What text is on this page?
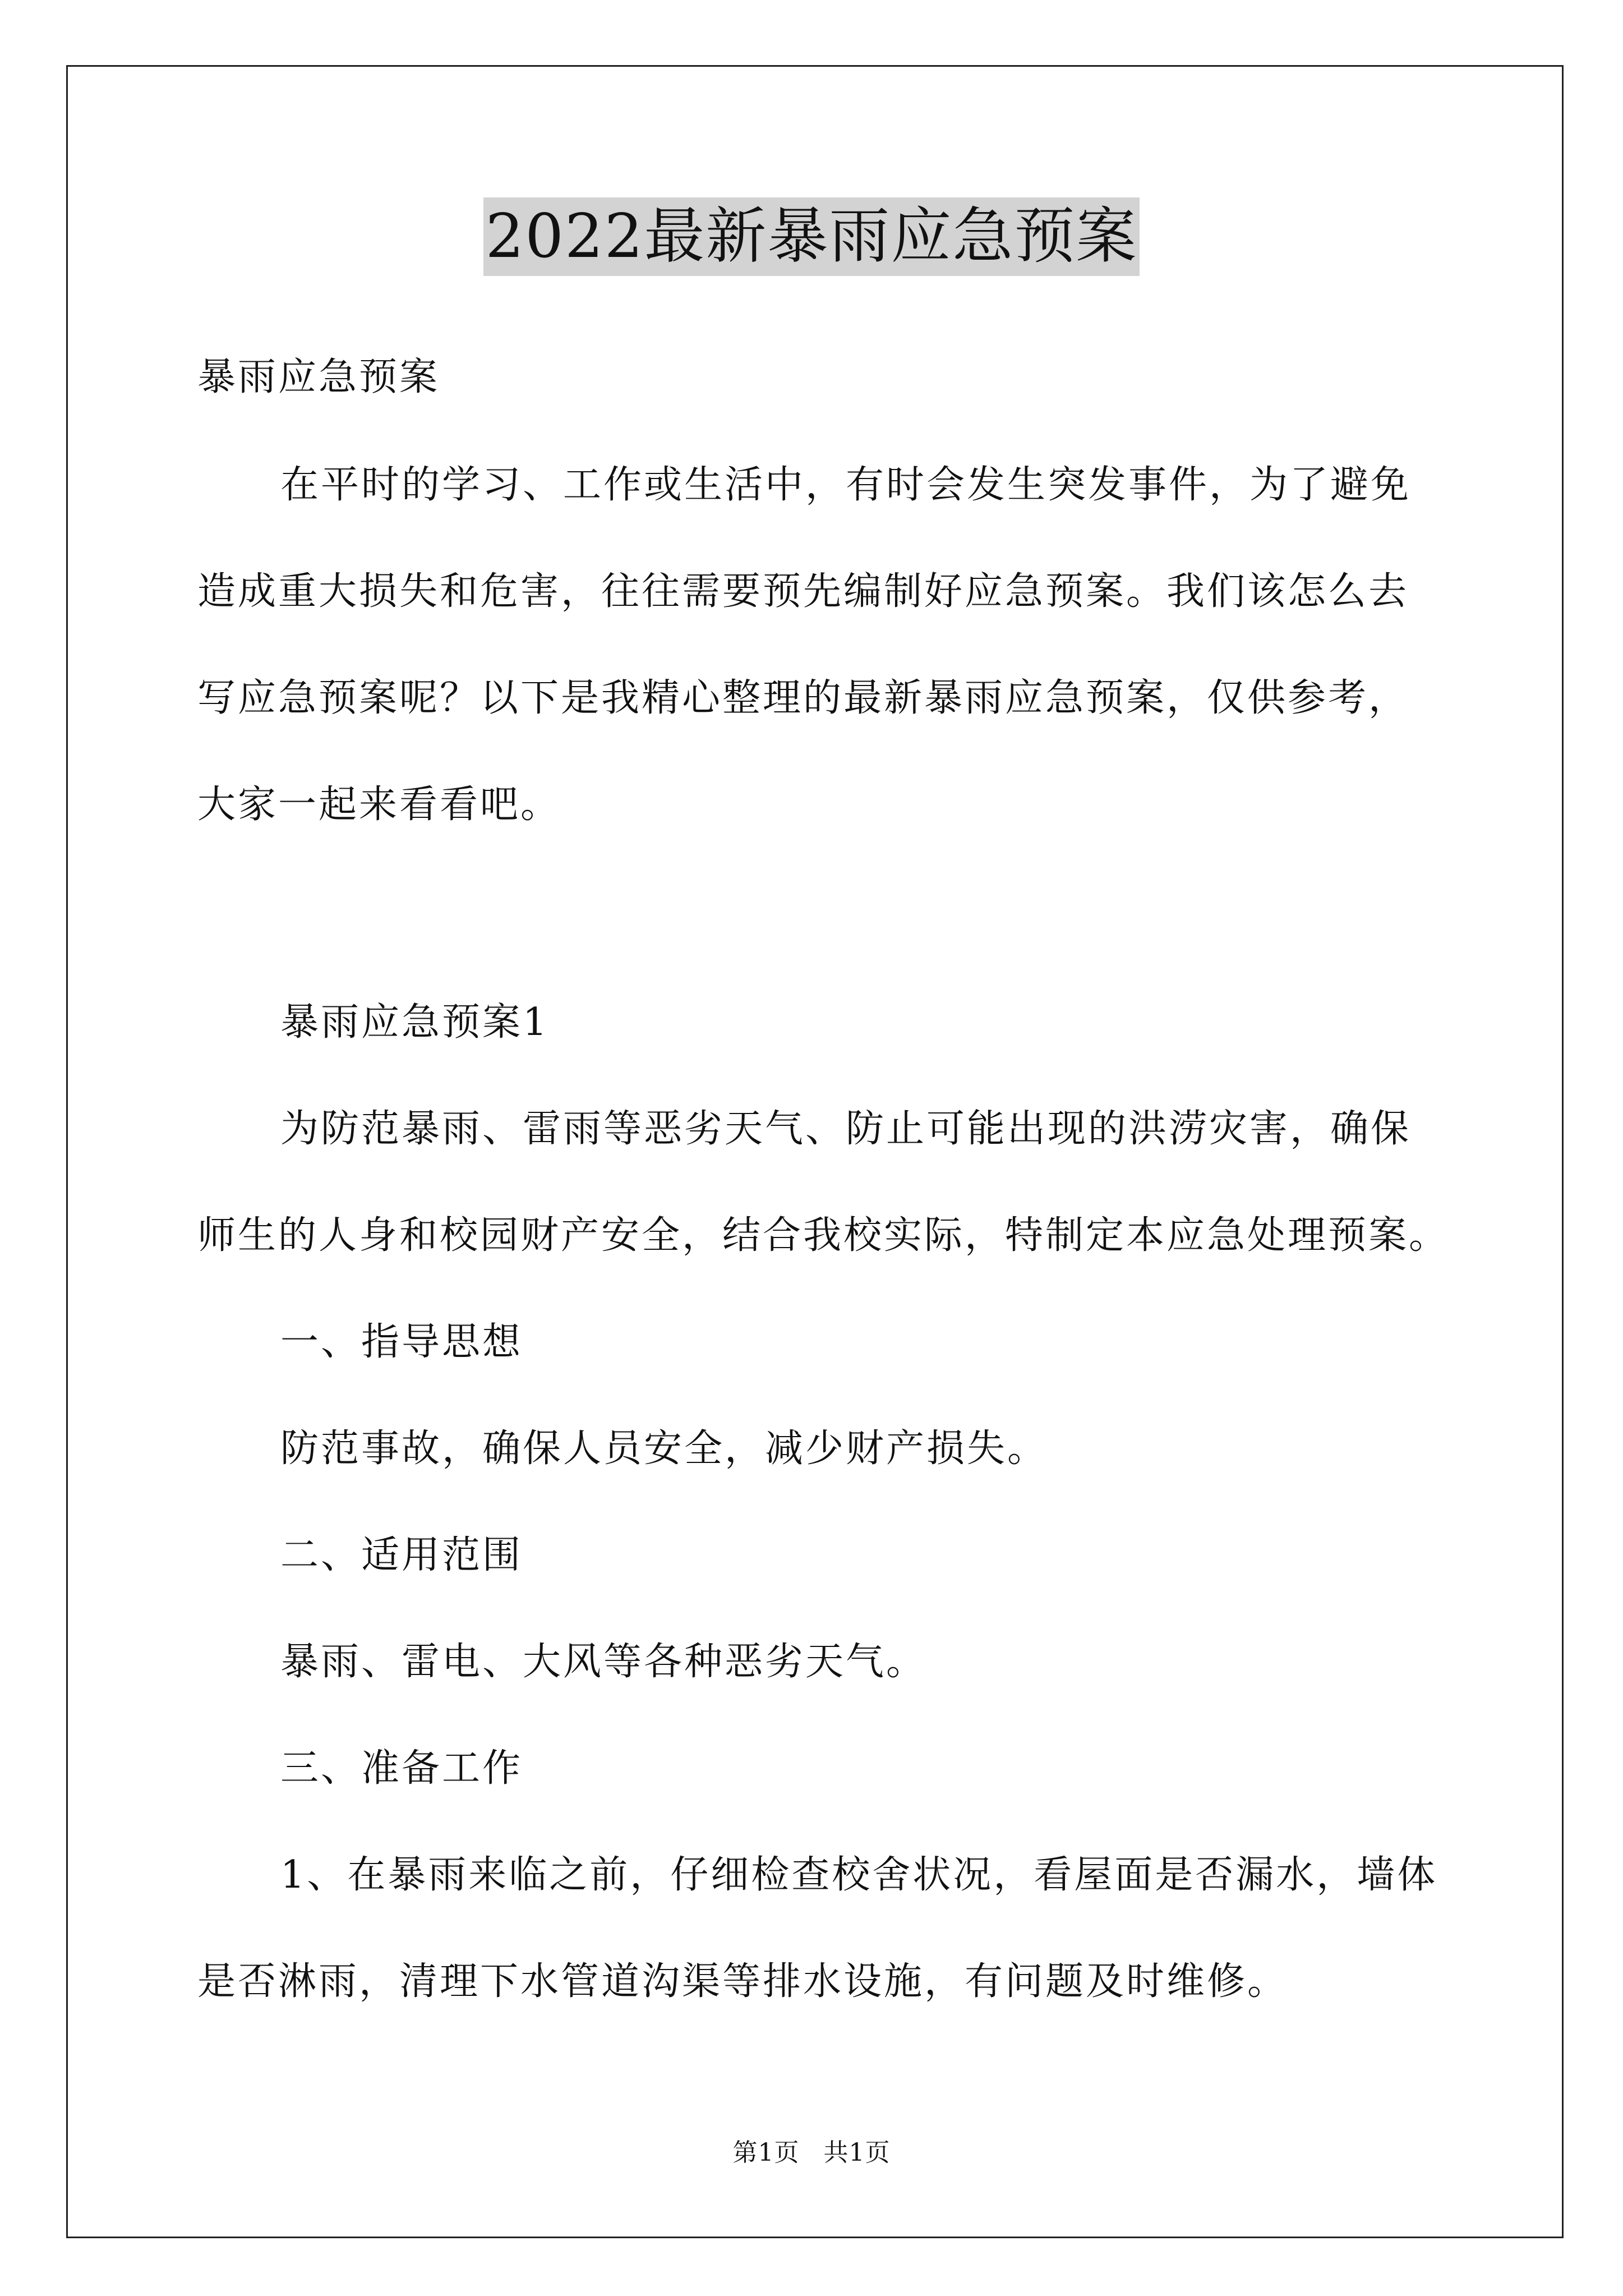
2022最新暴雨应急预案
暴雨应急预案
在平时的学习、工作或生活中，有时会发生突发事件，为了避免
造成重大损失和危害，往往需要预先编制好应急预案。我们该怎么去
写应急预案呢？以下是我精心整理的最新暴雨应急预案，仅供参考，
大家一起来看看吧。
暴雨应急预案1
为防范暴雨、雷雨等恶劣天气、防止可能出现的洪涝灾害，确保
师生的人身和校园财产安全，结合我校实际，特制定本应急处理预案。
一、指导思想
防范事故，确保人员安全，减少财产损失。
二、适用范围
暴雨、雷电、大风等各种恶劣天气。
三、准备工作
1、在暴雨来临之前，仔细检查校舍状况，看屋面是否漏水，墙体
是否淋雨，清理下水管道沟渠等排水设施，有问题及时维修。
第1页 共1页
